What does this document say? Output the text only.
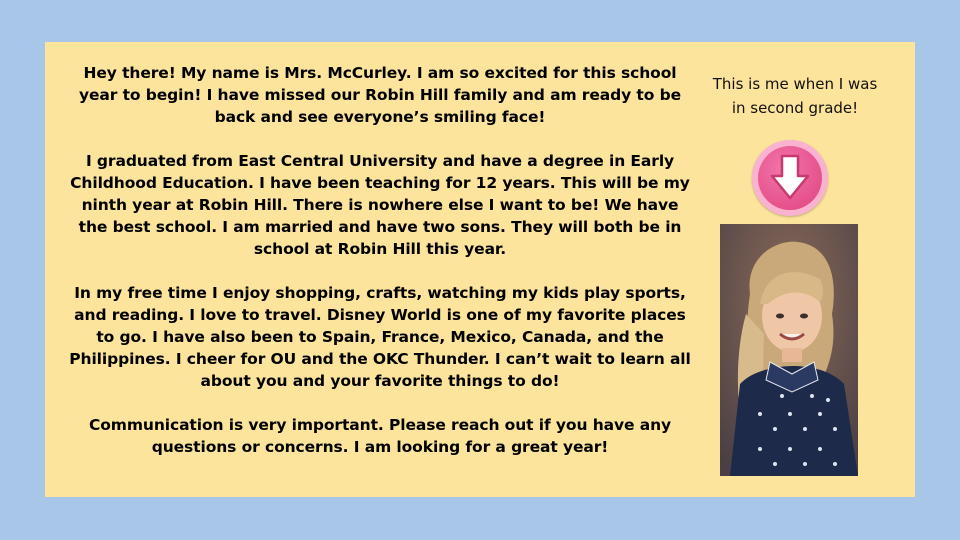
Hey there! My name is Mrs. McCurley. I am so excited for this school year to begin! I have missed our Robin Hill family and am ready to be back and see everyone’s smiling face!

I graduated from East Central University and have a degree in Early Childhood Education. I have been teaching for 12 years. This will be my ninth year at Robin Hill. There is nowhere else I want to be! We have the best school. I am married and have two sons. They will both be in school at Robin Hill this year.

In my free time I enjoy shopping, crafts, watching my kids play sports, and reading. I love to travel. Disney World is one of my favorite places to go. I have also been to Spain, France, Mexico, Canada, and the Philippines. I cheer for OU and the OKC Thunder. I can’t wait to learn all about you and your favorite things to do!

Communication is very important. Please reach out if you have any questions or concerns. I am looking for a great year!

This is me when I was in second grade!
